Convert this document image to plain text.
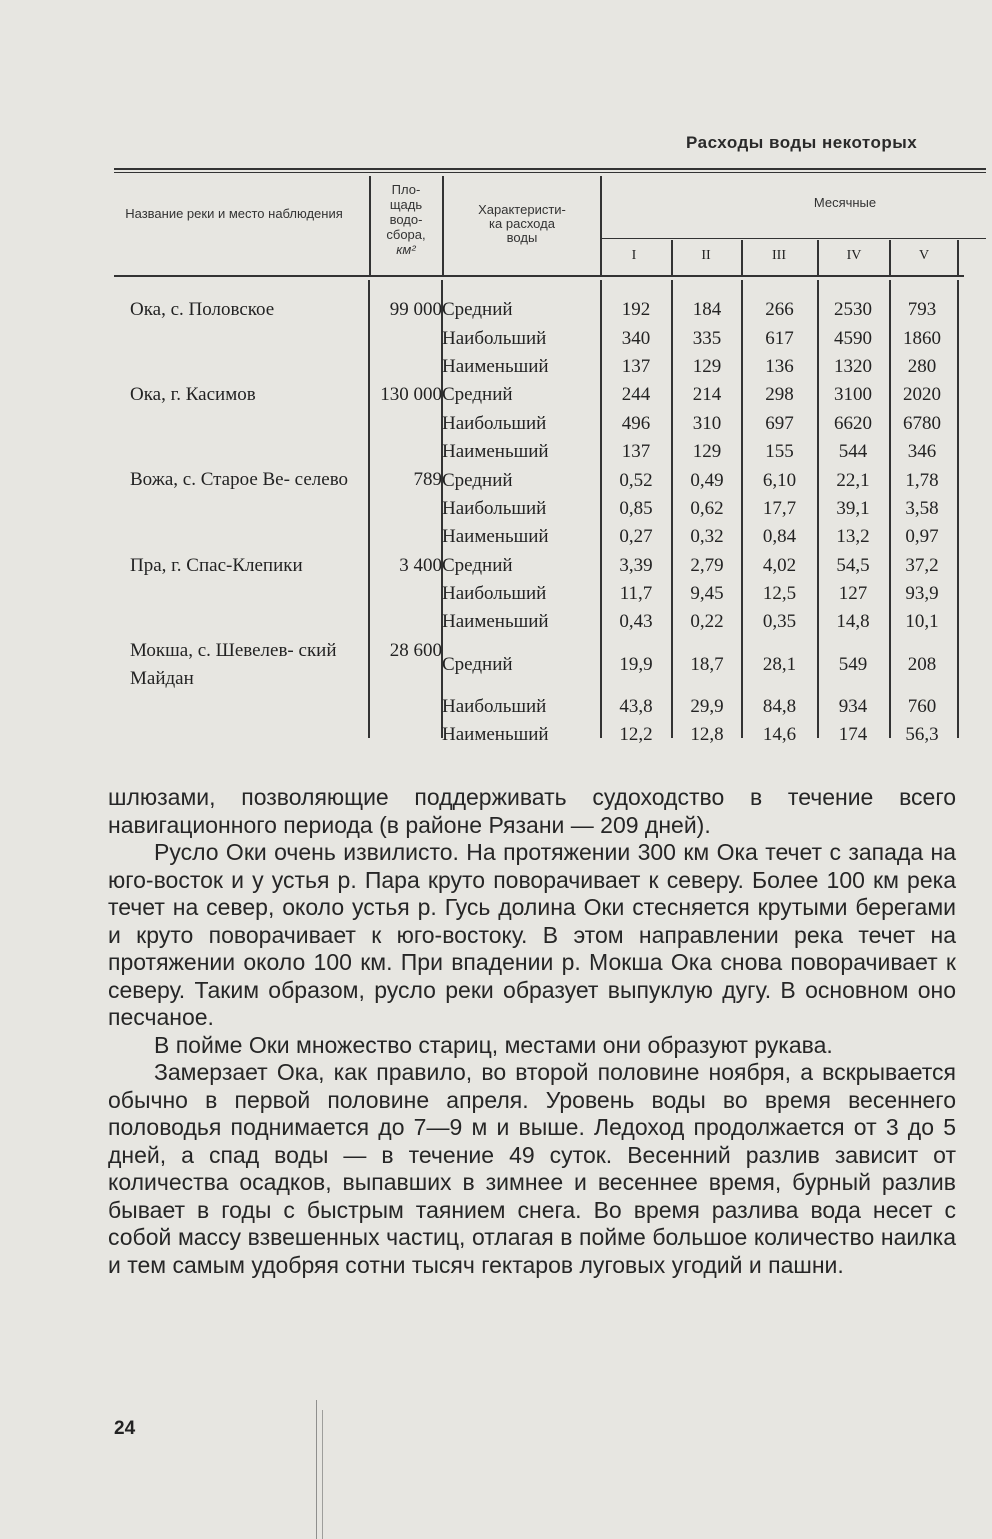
Расходы воды некоторых
Название реки и место наблюдения
Пло-
щадь
водо-
сбора,
км²
Характеристи-
ка расхода
воды
Месячные
I	II	III	IV	V
Ока, с. Половское	99 000	Средний	192	184	266	2530	793

		Наибольший	340	335	617	4590	1860

		Наименьший	137	129	136	1320	280

Ока, г. Касимов	130 000	Средний	244	214	298	3100	2020

		Наибольший	496	310	697	6620	6780

		Наименьший	137	129	155	544	346

Вожа, с. Старое Ве- селево	789	Средний	0,52	0,49	6,10	22,1	1,78

		Наибольший	0,85	0,62	17,7	39,1	3,58

		Наименьший	0,27	0,32	0,84	13,2	0,97

Пра, г. Спас-Клепики	3 400	Средний	3,39	2,79	4,02	54,5	37,2

		Наибольший	11,7	9,45	12,5	127	93,9

		Наименьший	0,43	0,22	0,35	14,8	10,1

Мокша, с. Шевелев- ский Майдан	28 600	Средний	19,9	18,7	28,1	549	208

		Наибольший	43,8	29,9	84,8	934	760

		Наименьший	12,2	12,8	14,6	174	56,3

шлюзами, позволяющие поддерживать судоходство в течение всего навигационного периода (в районе Рязани — 209 дней).

Русло Оки очень извилисто. На протяжении 300 км Ока течет с запада на юго-восток и у устья р. Пара круто поворачивает к северу. Более 100 км река течет на север, около устья р. Гусь долина Оки стесняется крутыми берегами и круто поворачивает к юго-востоку. В этом направлении река течет на протяжении около 100 км. При впадении р. Мокша Ока снова поворачивает к северу. Таким образом, русло реки образует выпуклую дугу. В основном оно песчаное.

В пойме Оки множество стариц, местами они образуют рукава.

Замерзает Ока, как правило, во второй половине ноября, а вскрывается обычно в первой половине апреля. Уровень воды во время весеннего половодья поднимается до 7—9 м и выше. Ледоход продолжается от 3 до 5 дней, а спад воды — в течение 49 суток. Весенний разлив зависит от количества осадков, выпавших в зимнее и весеннее время, бурный разлив бывает в годы с быстрым таянием снега. Во время разлива вода несет с собой массу взвешенных частиц, отлагая в пойме большое количество наилка и тем самым удобряя сотни тысяч гектаров луговых угодий и пашни.

24
